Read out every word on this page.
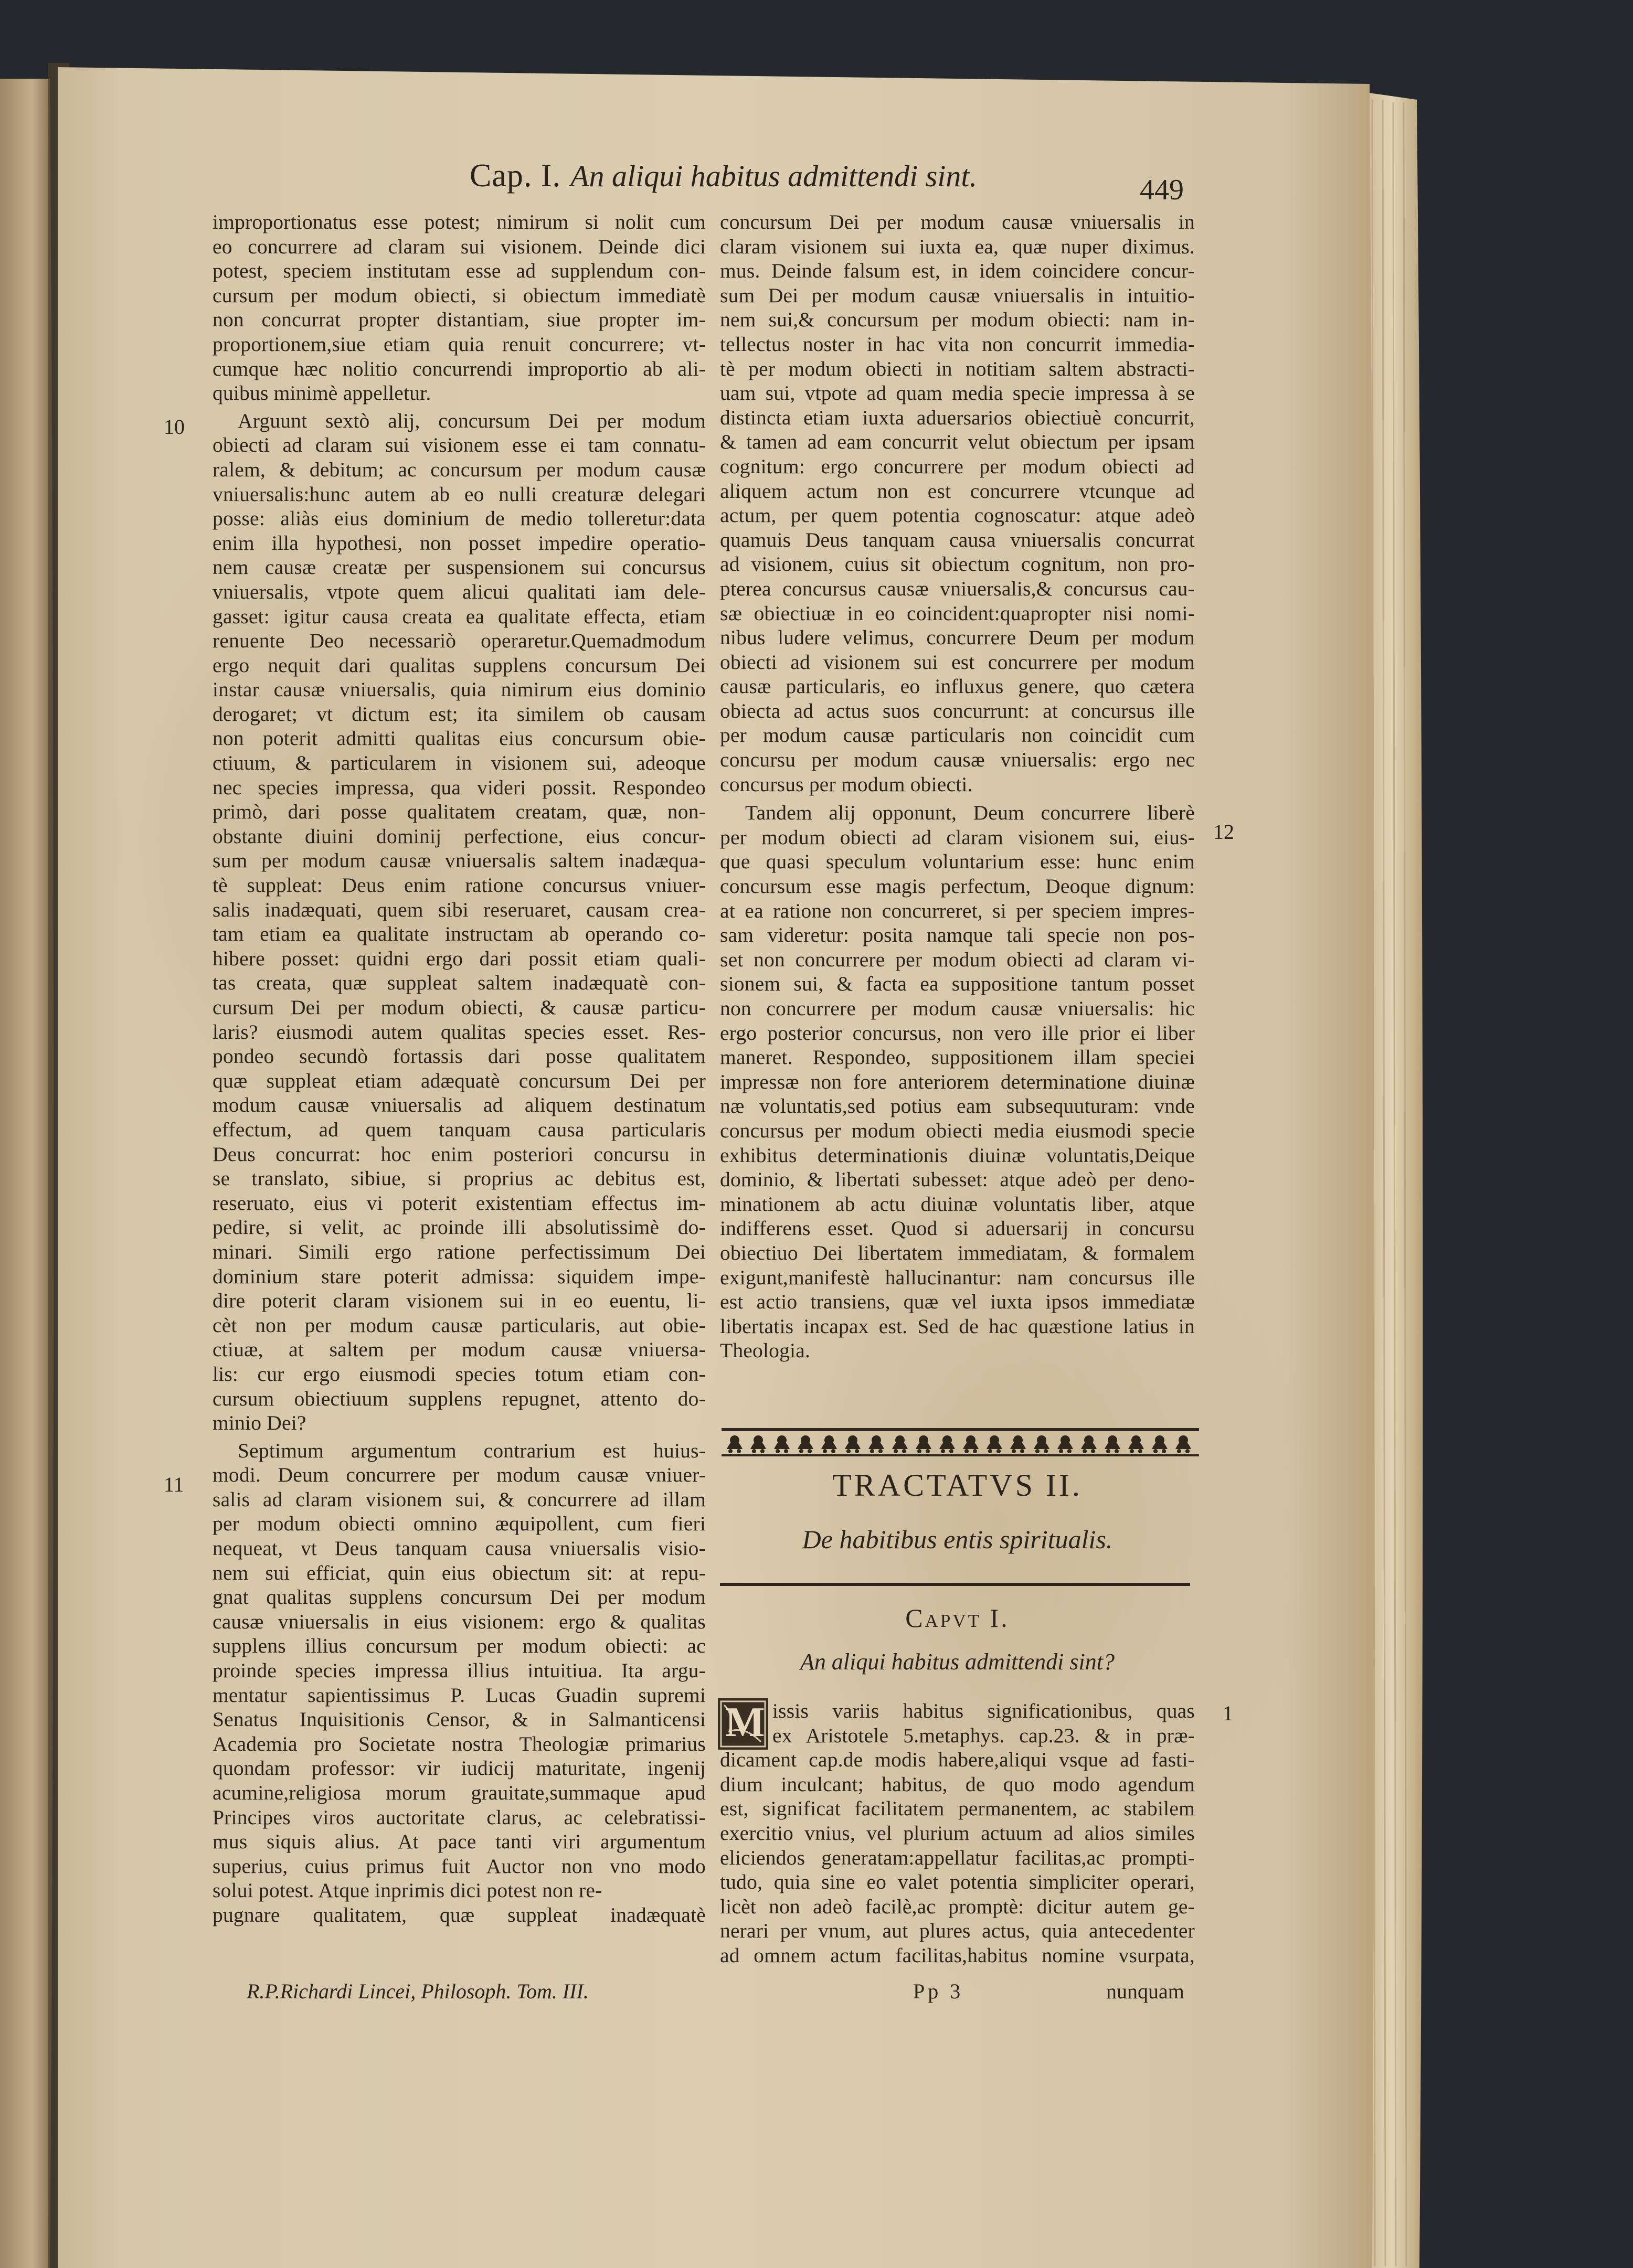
Cap. I. An aliqui habitus admittendi sint.	449
10
11
12
1
improportionatus esse potest; nimirum si nolit cum
eo concurrere ad claram sui visionem. Deinde dici
potest, speciem institutam esse ad supplendum con-
cursum per modum obiecti, si obiectum immediatè
non concurrat propter distantiam, siue propter im-
proportionem,siue etiam quia renuit concurrere; vt-
cumque hæc nolitio concurrendi improportio ab ali-
quibus minimè appelletur.
Arguunt sextò alij, concursum Dei per modum
obiecti ad claram sui visionem esse ei tam connatu-
ralem, & debitum; ac concursum per modum causæ
vniuersalis:hunc autem ab eo nulli creaturæ delegari
posse: aliàs eius dominium de medio tolleretur:data
enim illa hypothesi, non posset impedire operatio-
nem causæ creatæ per suspensionem sui concursus
vniuersalis, vtpote quem alicui qualitati iam dele-
gasset: igitur causa creata ea qualitate effecta, etiam
renuente Deo necessariò operaretur.Quemadmodum
ergo nequit dari qualitas supplens concursum Dei
instar causæ vniuersalis, quia nimirum eius dominio
derogaret; vt dictum est; ita similem ob causam
non poterit admitti qualitas eius concursum obie-
ctiuum, & particularem in visionem sui, adeoque
nec species impressa, qua videri possit. Respondeo
primò, dari posse qualitatem creatam, quæ, non-
obstante diuini dominij perfectione, eius concur-
sum per modum causæ vniuersalis saltem inadæqua-
tè suppleat: Deus enim ratione concursus vniuer-
salis inadæquati, quem sibi reseruaret, causam crea-
tam etiam ea qualitate instructam ab operando co-
hibere posset: quidni ergo dari possit etiam quali-
tas creata, quæ suppleat saltem inadæquatè con-
cursum Dei per modum obiecti, & causæ particu-
laris? eiusmodi autem qualitas species esset. Res-
pondeo secundò fortassis dari posse qualitatem
quæ suppleat etiam adæquatè concursum Dei per
modum causæ vniuersalis ad aliquem destinatum
effectum, ad quem tanquam causa particularis
Deus concurrat: hoc enim posteriori concursu in
se translato, sibiue, si proprius ac debitus est,
reseruato, eius vi poterit existentiam effectus im-
pedire, si velit, ac proinde illi absolutissimè do-
minari. Simili ergo ratione perfectissimum Dei
dominium stare poterit admissa: siquidem impe-
dire poterit claram visionem sui in eo euentu, li-
cèt non per modum causæ particularis, aut obie-
ctiuæ, at saltem per modum causæ vniuersa-
lis: cur ergo eiusmodi species totum etiam con-
cursum obiectiuum supplens repugnet, attento do-
minio Dei?
Septimum argumentum contrarium est huius-
modi. Deum concurrere per modum causæ vniuer-
salis ad claram visionem sui, & concurrere ad illam
per modum obiecti omnino æquipollent, cum fieri
nequeat, vt Deus tanquam causa vniuersalis visio-
nem sui efficiat, quin eius obiectum sit: at repu-
gnat qualitas supplens concursum Dei per modum
causæ vniuersalis in eius visionem: ergo & qualitas
supplens illius concursum per modum obiecti: ac
proinde species impressa illius intuitiua. Ita argu-
mentatur sapientissimus P. Lucas Guadin supremi
Senatus Inquisitionis Censor, & in Salmanticensi
Academia pro Societate nostra Theologiæ primarius
quondam professor: vir iudicij maturitate, ingenij
acumine,religiosa morum grauitate,summaque apud
Principes viros auctoritate clarus, ac celebratissi-
mus siquis alius. At pace tanti viri argumentum
superius, cuius primus fuit Auctor non vno modo
solui potest. Atque inprimis dici potest non re-
pugnare qualitatem, quæ suppleat inadæquatè
R.P.Richardi Lincei, Philosoph. Tom. III.
concursum Dei per modum causæ vniuersalis in
claram visionem sui iuxta ea, quæ nuper diximus.
mus. Deinde falsum est, in idem coincidere concur-
sum Dei per modum causæ vniuersalis in intuitio-
nem sui,& concursum per modum obiecti: nam in-
tellectus noster in hac vita non concurrit immedia-
tè per modum obiecti in notitiam saltem abstracti-
uam sui, vtpote ad quam media specie impressa à se
distincta etiam iuxta aduersarios obiectiuè concurrit,
& tamen ad eam concurrit velut obiectum per ipsam
cognitum: ergo concurrere per modum obiecti ad
aliquem actum non est concurrere vtcunque ad
actum, per quem potentia cognoscatur: atque adeò
quamuis Deus tanquam causa vniuersalis concurrat
ad visionem, cuius sit obiectum cognitum, non pro-
pterea concursus causæ vniuersalis,& concursus cau-
sæ obiectiuæ in eo coincident:quapropter nisi nomi-
nibus ludere velimus, concurrere Deum per modum
obiecti ad visionem sui est concurrere per modum
causæ particularis, eo influxus genere, quo cætera
obiecta ad actus suos concurrunt: at concursus ille
per modum causæ particularis non coincidit cum
concursu per modum causæ vniuersalis: ergo nec
concursus per modum obiecti.
Tandem alij opponunt, Deum concurrere liberè
per modum obiecti ad claram visionem sui, eius-
que quasi speculum voluntarium esse: hunc enim
concursum esse magis perfectum, Deoque dignum:
at ea ratione non concurreret, si per speciem impres-
sam videretur: posita namque tali specie non pos-
set non concurrere per modum obiecti ad claram vi-
sionem sui, & facta ea suppositione tantum posset
non concurrere per modum causæ vniuersalis: hic
ergo posterior concursus, non vero ille prior ei liber
maneret. Respondeo, suppositionem illam speciei
impressæ non fore anteriorem determinatione diuinæ
næ voluntatis,sed potius eam subsequuturam: vnde
concursus per modum obiecti media eiusmodi specie
exhibitus determinationis diuinæ voluntatis,Deique
dominio, & libertati subesset: atque adeò per deno-
minationem ab actu diuinæ voluntatis liber, atque
indifferens esset. Quod si aduersarij in concursu
obiectiuo Dei libertatem immediatam, & formalem
exigunt,manifestè hallucinantur: nam concursus ille
est actio transiens, quæ vel iuxta ipsos immediatæ
libertatis incapax est. Sed de hac quæstione latius in
Theologia.
TRACTATVS II.
De habitibus entis spiritualis.
Capvt I.
An aliqui habitus admittendi sint?
M issis variis habitus significationibus, quas
ex Aristotele 5.metaphys. cap.23. & in præ-
dicament cap.de modis habere,aliqui vsque ad fasti-
dium inculcant; habitus, de quo modo agendum
est, significat facilitatem permanentem, ac stabilem
exercitio vnius, vel plurium actuum ad alios similes
eliciendos generatam:appellatur facilitas,ac prompti-
tudo, quia sine eo valet potentia simpliciter operari,
licèt non adeò facilè,ac promptè: dicitur autem ge-
nerari per vnum, aut plures actus, quia antecedenter
ad omnem actum facilitas,habitus nomine vsurpata,
Pp 3	nunquam
